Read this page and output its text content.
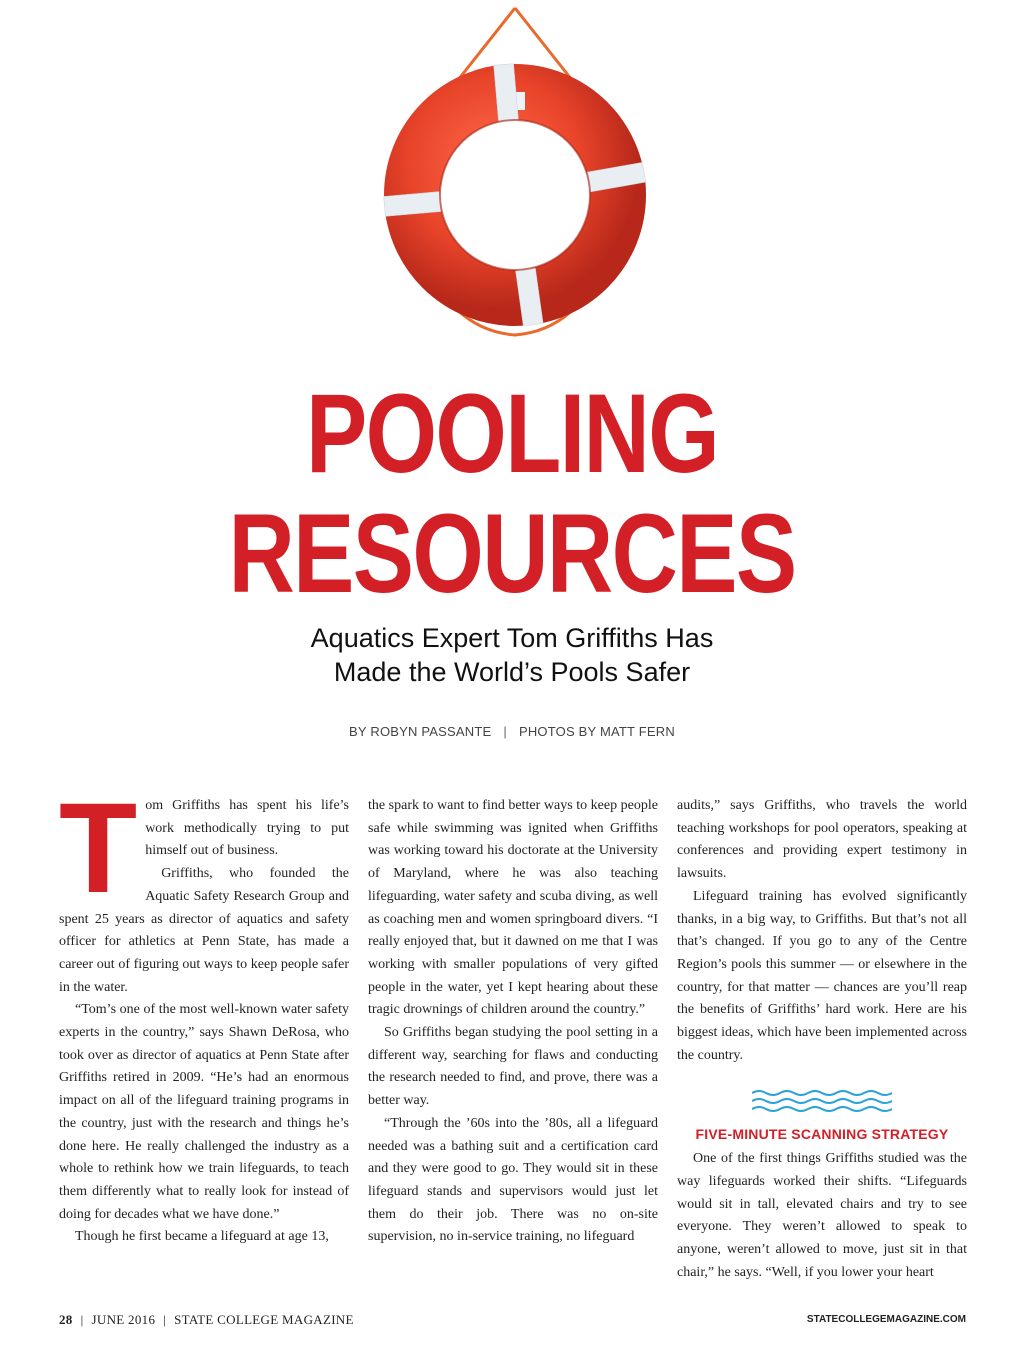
POOLING
RESOURCES
Aquatics Expert Tom Griffiths Has
Made the World’s Pools Safer
BY ROBYN PASSANTE | PHOTOS BY MATT FERN
T om Griffiths has spent his life’s work methodically trying to put himself out of business.

Griffiths, who founded the Aquatic Safety Research Group and spent 25 years as director of aquatics and safety officer for athletics at Penn State, has made a career out of figuring out ways to keep people safer in the water.

“Tom’s one of the most well-known water safety experts in the country,” says Shawn DeRosa, who took over as director of aquatics at Penn State after Griffiths retired in 2009. “He’s had an enormous impact on all of the lifeguard training programs in the country, just with the research and things he’s done here. He really challenged the industry as a whole to rethink how we train lifeguards, to teach them differently what to really look for instead of doing for decades what we have done.”

Though he first became a lifeguard at age 13,

the spark to want to find better ways to keep people safe while swimming was ignited when Griffiths was working toward his doctorate at the University of Maryland, where he was also teaching lifeguarding, water safety and scuba diving, as well as coaching men and women springboard divers. “I really enjoyed that, but it dawned on me that I was working with smaller populations of very gifted people in the water, yet I kept hearing about these tragic drownings of children around the country.”

So Griffiths began studying the pool setting in a different way, searching for flaws and conducting the research needed to find, and prove, there was a better way.

“Through the ’60s into the ’80s, all a lifeguard needed was a bathing suit and a certification card and they were good to go. They would sit in these lifeguard stands and supervisors would just let them do their job. There was no on-site supervision, no in-service training, no lifeguard

audits,” says Griffiths, who travels the world teaching workshops for pool operators, speaking at conferences and providing expert testimony in lawsuits.

Lifeguard training has evolved significantly thanks, in a big way, to Griffiths. But that’s not all that’s changed. If you go to any of the Centre Region’s pools this summer — or elsewhere in the country, for that matter — chances are you’ll reap the benefits of Griffiths’ hard work. Here are his biggest ideas, which have been implemented across the country.

FIVE-MINUTE SCANNING STRATEGY

One of the first things Griffiths studied was the way lifeguards worked their shifts. “Lifeguards would sit in tall, elevated chairs and try to see everyone. They weren’t allowed to speak to anyone, weren’t allowed to move, just sit in that chair,” he says. “Well, if you lower your heart

28 | JUNE 2016 | STATE COLLEGE MAGAZINE	STATECOLLEGEMAGAZINE.COM
